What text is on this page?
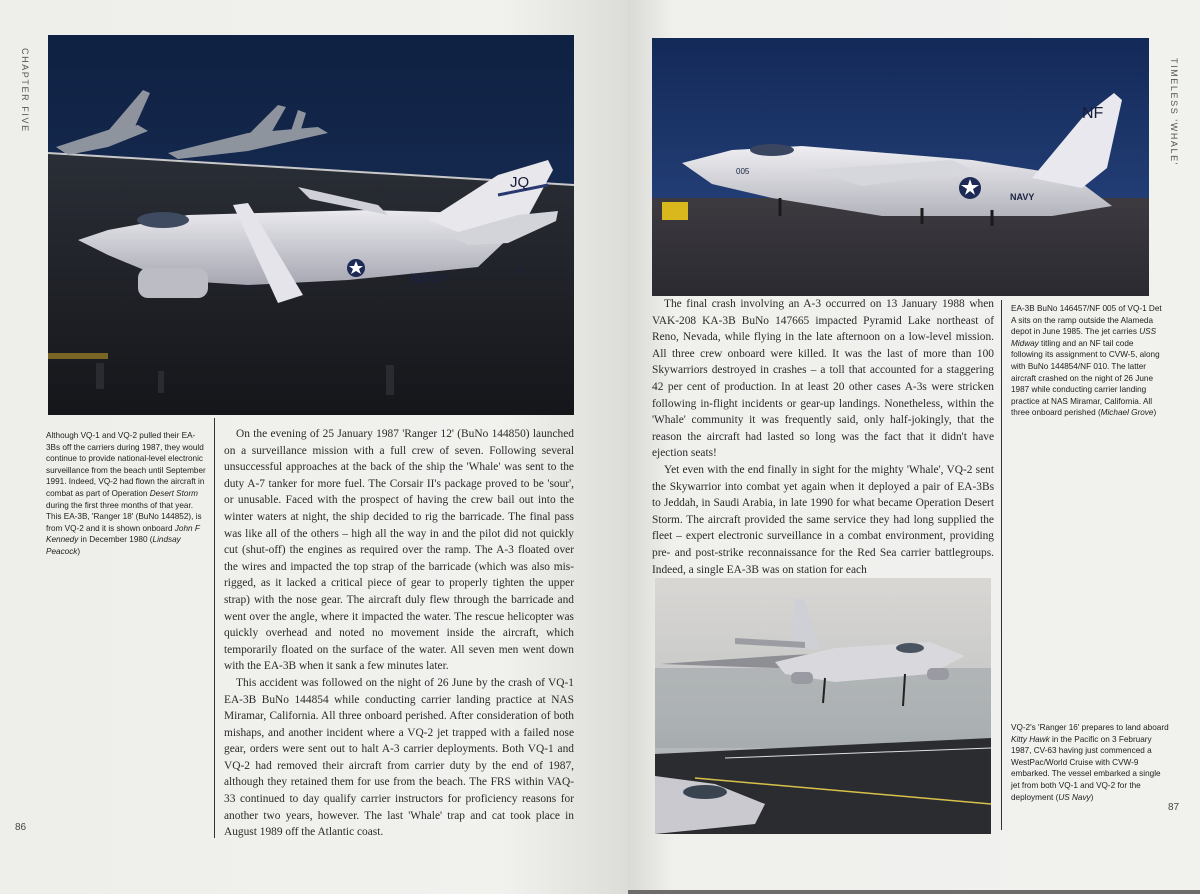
CHAPTER FIVE
JQ
NAVY	18
Although VQ-1 and VQ-2 pulled their EA-3Bs off the carriers during 1987, they would continue to provide national-level electronic surveillance from the beach until September 1991. Indeed, VQ-2 had flown the aircraft in combat as part of Operation Desert Storm during the first three months of that year. This EA-3B, 'Ranger 18' (BuNo 144852), is from VQ-2 and it is shown onboard John F Kennedy in December 1980 (Lindsay Peacock)

On the evening of 25 January 1987 'Ranger 12' (BuNo 144850) launched on a surveillance mission with a full crew of seven. Following several unsuccessful approaches at the back of the ship the 'Whale' was sent to the duty A-7 tanker for more fuel. The Corsair II's package proved to be 'sour', or unusable. Faced with the prospect of having the crew bail out into the winter waters at night, the ship decided to rig the barricade. The final pass was like all of the others – high all the way in and the pilot did not quickly cut (shut-off) the engines as required over the ramp. The A-3 floated over the wires and impacted the top strap of the barricade (which was also mis-rigged, as it lacked a critical piece of gear to properly tighten the upper strap) with the nose gear. The aircraft duly flew through the barricade and went over the angle, where it impacted the water. The rescue helicopter was quickly overhead and noted no movement inside the aircraft, which temporarily floated on the surface of the water. All seven men went down with the EA-3B when it sank a few minutes later.

This accident was followed on the night of 26 June by the crash of VQ-1 EA-3B BuNo 144854 while conducting carrier landing practice at NAS Miramar, California. All three onboard perished. After consideration of both mishaps, and another incident where a VQ-2 jet trapped with a failed nose gear, orders were sent out to halt A-3 carrier deployments. Both VQ-1 and VQ-2 had removed their aircraft from carrier duty by the end of 1987, although they retained them for use from the beach. The FRS within VAQ-33 continued to day qualify carrier instructors for proficiency reasons for another two years, however. The last 'Whale' trap and cat took place in August 1989 off the Atlantic coast.

86
NF
NAVY
005
TIMELESS 'WHALE'

The final crash involving an A-3 occurred on 13 January 1988 when VAK-208 KA-3B BuNo 147665 impacted Pyramid Lake northeast of Reno, Nevada, while flying in the late afternoon on a low-level mission. All three crew onboard were killed. It was the last of more than 100 Skywarriors destroyed in crashes – a toll that accounted for a staggering 42 per cent of production. In at least 20 other cases A-3s were stricken following in-flight incidents or gear-up landings. Nonetheless, within the 'Whale' community it was frequently said, only half-jokingly, that the reason the aircraft had lasted so long was the fact that it didn't have ejection seats!

Yet even with the end finally in sight for the mighty 'Whale', VQ-2 sent the Skywarrior into combat yet again when it deployed a pair of EA-3Bs to Jeddah, in Saudi Arabia, in late 1990 for what became Operation Desert Storm. The aircraft provided the same service they had long supplied the fleet – expert electronic surveillance in a combat environment, providing pre- and post-strike reconnaissance for the Red Sea carrier battlegroups. Indeed, a single EA-3B was on station for each

EA-3B BuNo 146457/NF 005 of VQ-1 Det A sits on the ramp outside the Alameda depot in June 1985. The jet carries USS Midway titling and an NF tail code following its assignment to CVW-5, along with BuNo 144854/NF 010. The latter aircraft crashed on the night of 26 June 1987 while conducting carrier landing practice at NAS Miramar, California. All three onboard perished (Michael Grove)
VQ-2's 'Ranger 16' prepares to land aboard Kitty Hawk in the Pacific on 3 February 1987, CV-63 having just commenced a WestPac/World Cruise with CVW-9 embarked. The vessel embarked a single jet from both VQ-1 and VQ-2 for the deployment (US Navy)
87
